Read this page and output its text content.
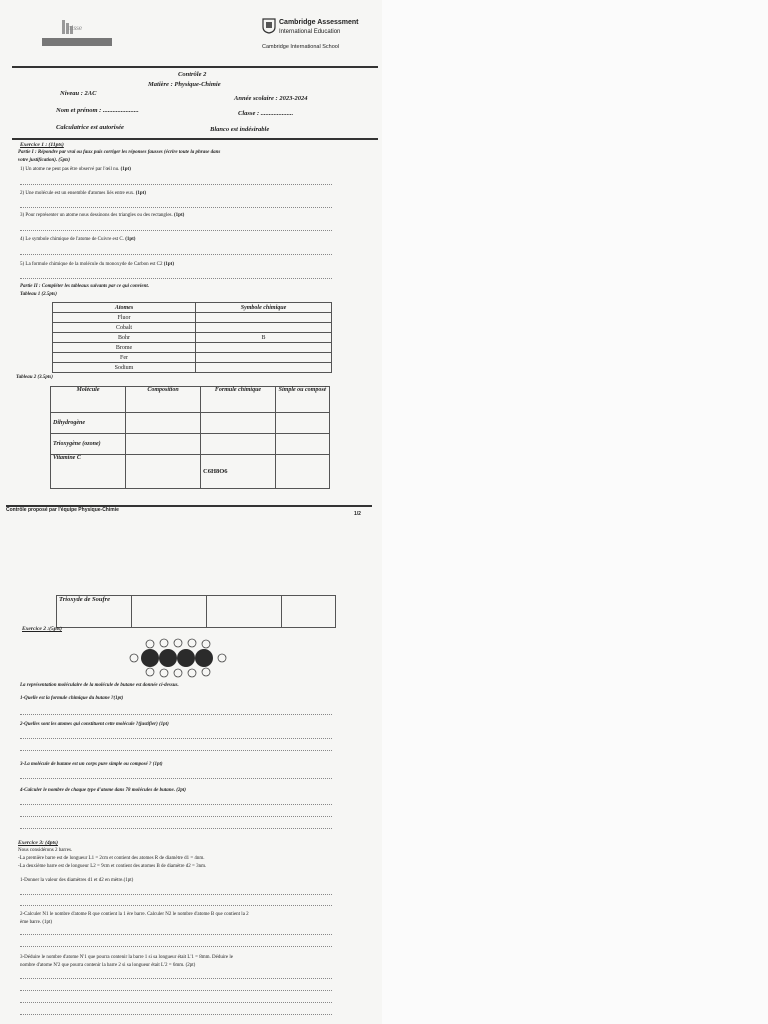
nisse
Cambridge Assessment
International Education
Cambridge International School
Contrôle 2
Matière : Physique-Chimie
Niveau : 2AC
Année scolaire : 2023-2024
Nom et prénom : ......................	Classe : ....................
Calculatrice est autorisée	Blanco est indésirable
Exercice 1 : (11pts)
Partie I : Répondre par vrai ou faux puis corriger les réponses fausses (écrire toute la phrase dans
votre justification). (5pts)
1) Un atome ne peut pas être observé par l'œil nu. (1pt)
2) Une molécule est un ensemble d'atomes liés entre eux. (1pt)
3) Pour représenter un atome nous dessinons des triangles ou des rectangles. (1pt)
4) Le symbole chimique de l'atome de Cuivre est C. (1pt)
5) La formule chimique de la molécule du monoxyde de Carbon est C2 (1pt)
Partie II : Compléter les tableaux suivants par ce qui convient.
Tableau 1 (2.5pts)
Atomes	Symbole chimique
Fluor	
Cobalt	
Bohr	B
Brome	
Fer	
Sodium	
Tableau 2 (3.5pts)
Molécule	Composition	Formule chimique	Simple ou composé
Dihydrogène			
Trioxygène (ozone)			
Vitamine C		C6H8O6	
Contrôle proposé par l'équipe Physique-Chimie
1/2
Trioxyde de Soufre			
Exercice 2 :(5pts)
La représentation moléculaire de la molécule de butane est donnée ci-dessus.
1-Quelle est la formule chimique du butane ?(1pt)
2-Quelles sont les atomes qui constituent cette molécule ?(justifier) (1pt)
3-La molécule de butane est un corps pure simple ou composé ? (1pt)
4-Calculer le nombre de chaque type d'atome dans 78 molécules de butane. (2pt)
Exercice 3: (4pts)
Nous considérons 2 barres.
-La première barre est de longueur L1 = 2cm et contient des atomes R de diamètre d1 = 4nm.
-La deuxième barre est de longueur L2 = 9cm et contient des atomes B de diamètre d2 = 3nm.
1-Donner la valeur des diamètres d1 et d2 en mètre.(1pt)
2-Calculer N1 le nombre d'atome R que contient la 1 ère barre. Calculer N2 le nombre d'atome B que contient la 2
ème barre. (1pt)
3-Déduire le nombre d'atome N'1 que pourra contenir la barre 1 si sa longueur était L'1 = 8mm. Déduire le
nombre d'atome N'2 que pourra contenir la barre 2 si sa longueur était L'2 = 6mm. (2pt)
